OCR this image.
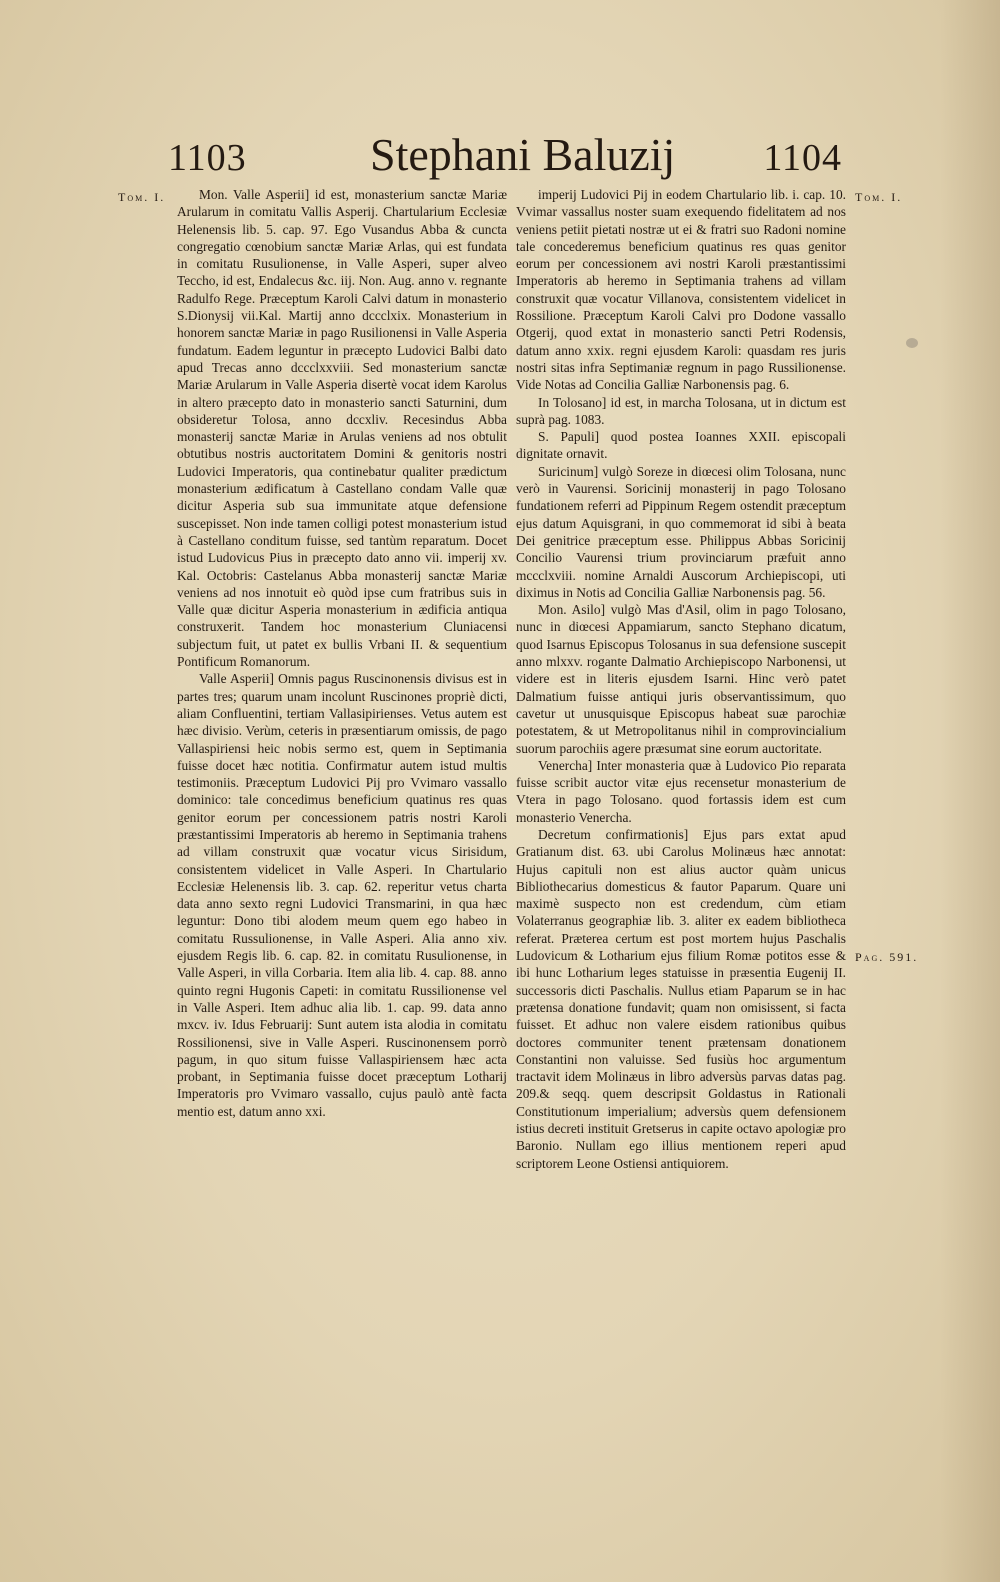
1103	Stephani Baluzij 1104
Tom. I.	Tom. I.
Pag. 591.

Mon. Valle Asperii] id est, monasterium sanctæ Mariæ Arularum in comitatu Vallis Asperij. Chartularium Ecclesiæ Helenensis lib. 5. cap. 97. Ego Vusandus Abba & cuncta congregatio cœnobium sanctæ Mariæ Arlas, qui est fundata in comitatu Rusulionense, in Valle Asperi, super alveo Teccho, id est, Endalecus &c. iij. Non. Aug. anno v. regnante Radulfo Rege. Præceptum Karoli Calvi datum in monasterio S.Dionysij vii.Kal. Martij anno dccclxix. Monasterium in honorem sanctæ Mariæ in pago Rusilionensi in Valle Asperia fundatum. Eadem leguntur in præcepto Ludovici Balbi dato apud Trecas anno dccclxxviii. Sed monasterium sanctæ Mariæ Arularum in Valle Asperia disertè vocat idem Karolus in altero præcepto dato in monasterio sancti Saturnini, dum obsideretur Tolosa, anno dccxliv. Recesindus Abba monasterij sanctæ Mariæ in Arulas veniens ad nos obtulit obtutibus nostris auctoritatem Domini & genitoris nostri Ludovici Imperatoris, qua continebatur qualiter prædictum monasterium ædificatum à Castellano condam Valle quæ dicitur Asperia sub sua immunitate atque defensione suscepisset. Non inde tamen colligi potest monasterium istud à Castellano conditum fuisse, sed tantùm reparatum. Docet istud Ludovicus Pius in præcepto dato anno vii. imperij xv. Kal. Octobris: Castelanus Abba monasterij sanctæ Mariæ veniens ad nos innotuit eò quòd ipse cum fratribus suis in Valle quæ dicitur Asperia monasterium in ædificia antiqua construxerit. Tandem hoc monasterium Cluniacensi subjectum fuit, ut patet ex bullis Vrbani II. & sequentium Pontificum Romanorum.

Valle Asperii] Omnis pagus Ruscinonensis divisus est in partes tres; quarum unam incolunt Ruscinones propriè dicti, aliam Confluentini, tertiam Vallasipirienses. Vetus autem est hæc divisio. Verùm, ceteris in præsentiarum omissis, de pago Vallaspiriensi heic nobis sermo est, quem in Septimania fuisse docet hæc notitia. Confirmatur autem istud multis testimoniis. Præceptum Ludovici Pij pro Vvimaro vassallo dominico: tale concedimus beneficium quatinus res quas genitor eorum per concessionem patris nostri Karoli præstantissimi Imperatoris ab heremo in Septimania trahens ad villam construxit quæ vocatur vicus Sirisidum, consistentem videlicet in Valle Asperi. In Chartulario Ecclesiæ Helenensis lib. 3. cap. 62. reperitur vetus charta data anno sexto regni Ludovici Transmarini, in qua hæc leguntur: Dono tibi alodem meum quem ego habeo in comitatu Russulionense, in Valle Asperi. Alia anno xiv. ejusdem Regis lib. 6. cap. 82. in comitatu Rusulionense, in Valle Asperi, in villa Corbaria. Item alia lib. 4. cap. 88. anno quinto regni Hugonis Capeti: in comitatu Russilionense vel in Valle Asperi. Item adhuc alia lib. 1. cap. 99. data anno mxcv. iv. Idus Februarij: Sunt autem ista alodia in comitatu Rossilionensi, sive in Valle Asperi. Ruscinonensem porrò pagum, in quo situm fuisse Vallaspiriensem hæc acta probant, in Septimania fuisse docet præceptum Lotharij Imperatoris pro Vvimaro vassallo, cujus paulò antè facta mentio est, datum anno xxi.

imperij Ludovici Pij in eodem Chartulario lib. i. cap. 10. Vvimar vassallus noster suam exequendo fidelitatem ad nos veniens petiit pietati nostræ ut ei & fratri suo Radoni nomine tale concederemus beneficium quatinus res quas genitor eorum per concessionem avi nostri Karoli præstantissimi Imperatoris ab heremo in Septimania trahens ad villam construxit quæ vocatur Villanova, consistentem videlicet in Rossilione. Præceptum Karoli Calvi pro Dodone vassallo Otgerij, quod extat in monasterio sancti Petri Rodensis, datum anno xxix. regni ejusdem Karoli: quasdam res juris nostri sitas infra Septimaniæ regnum in pago Russilionense. Vide Notas ad Concilia Galliæ Narbonensis pag. 6.

In Tolosano] id est, in marcha Tolosana, ut in dictum est suprà pag. 1083.

S. Papuli] quod postea Ioannes XXII. episcopali dignitate ornavit.

Suricinum] vulgò Soreze in diœcesi olim Tolosana, nunc verò in Vaurensi. Soricinij monasterij in pago Tolosano fundationem referri ad Pippinum Regem ostendit præceptum ejus datum Aquisgrani, in quo commemorat id sibi à beata Dei genitrice præceptum esse. Philippus Abbas Soricinij Concilio Vaurensi trium provinciarum præfuit anno mccclxviii. nomine Arnaldi Auscorum Archiepiscopi, uti diximus in Notis ad Concilia Galliæ Narbonensis pag. 56.

Mon. Asilo] vulgò Mas d'Asil, olim in pago Tolosano, nunc in diœcesi Appamiarum, sancto Stephano dicatum, quod Isarnus Episcopus Tolosanus in sua defensione suscepit anno mlxxv. rogante Dalmatio Archiepiscopo Narbonensi, ut videre est in literis ejusdem Isarni. Hinc verò patet Dalmatium fuisse antiqui juris observantissimum, quo cavetur ut unusquisque Episcopus habeat suæ parochiæ potestatem, & ut Metropolitanus nihil in comprovincialium suorum parochiis agere præsumat sine eorum auctoritate.

Venercha] Inter monasteria quæ à Ludovico Pio reparata fuisse scribit auctor vitæ ejus recensetur monasterium de Vtera in pago Tolosano. quod fortassis idem est cum monasterio Venercha.

Decretum confirmationis] Ejus pars extat apud Gratianum dist. 63. ubi Carolus Molinæus hæc annotat: Hujus capituli non est alius auctor quàm unicus Bibliothecarius domesticus & fautor Paparum. Quare uni maximè suspecto non est credendum, cùm etiam Volaterranus geographiæ lib. 3. aliter ex eadem bibliotheca referat. Præterea certum est post mortem hujus Paschalis Ludovicum & Lotharium ejus filium Romæ potitos esse & ibi hunc Lotharium leges statuisse in præsentia Eugenij II. successoris dicti Paschalis. Nullus etiam Paparum se in hac prætensa donatione fundavit; quam non omisissent, si facta fuisset. Et adhuc non valere eisdem rationibus quibus doctores communiter tenent prætensam donationem Constantini non valuisse. Sed fusiùs hoc argumentum tractavit idem Molinæus in libro adversùs parvas datas pag. 209.& seqq. quem descripsit Goldastus in Rationali Constitutionum imperialium; adversùs quem defensionem istius decreti instituit Gretserus in capite octavo apologiæ pro Baronio. Nullam ego illius mentionem reperi apud scriptorem Leone Ostiensi antiquiorem.
